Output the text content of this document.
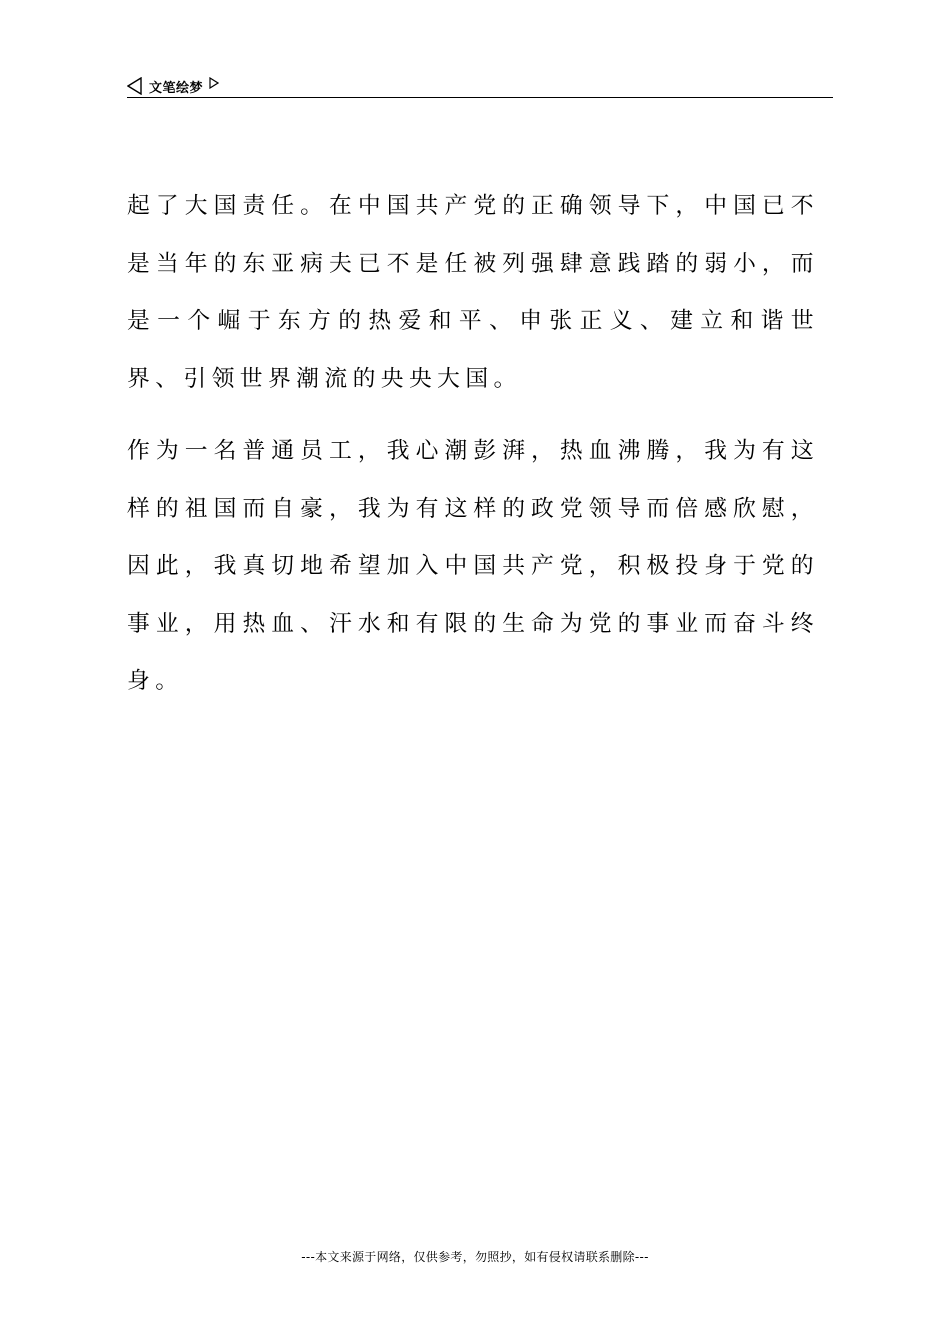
文笔绘梦

起了大国责任。在中国共产党的正确领导下，中国已不是当年的东亚病夫已不是任被列强肆意践踏的弱小，而是一个崛于东方的热爱和平、申张正义、建立和谐世界、引领世界潮流的央央大国。

作为一名普通员工，我心潮彭湃，热血沸腾，我为有这样的祖国而自豪，我为有这样的政党领导而倍感欣慰，因此，我真切地希望加入中国共产党，积极投身于党的事业，用热血、汗水和有限的生命为党的事业而奋斗终身。

---本文来源于网络，仅供参考，勿照抄，如有侵权请联系删除---
